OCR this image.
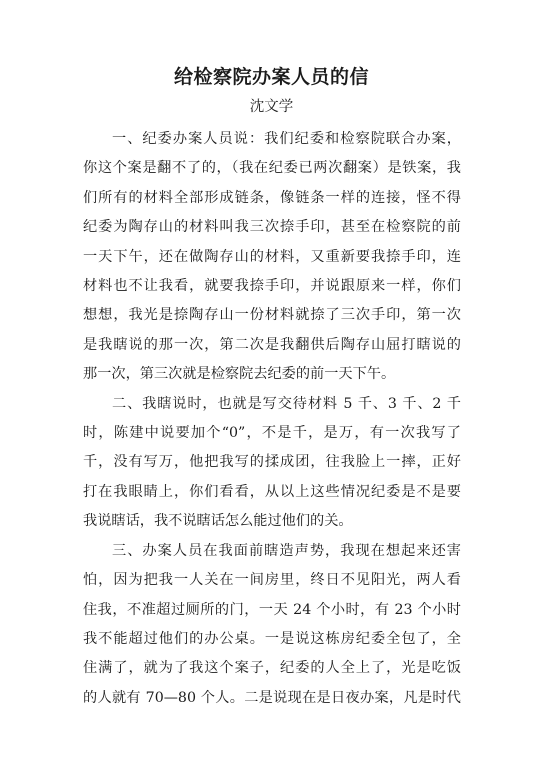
给检察院办案人员的信
沈文学

一、纪委办案人员说：我们纪委和检察院联合办案，
你这个案是翻不了的，（我在纪委已两次翻案）是铁案，我
们所有的材料全部形成链条，像链条一样的连接，怪不得
纪委为陶存山的材料叫我三次捺手印，甚至在检察院的前
一天下午，还在做陶存山的材料，又重新要我捺手印，连
材料也不让我看，就要我捺手印，并说跟原来一样，你们
想想，我光是捺陶存山一份材料就捺了三次手印，第一次
是我瞎说的那一次，第二次是我翻供后陶存山屈打瞎说的
那一次，第三次就是检察院去纪委的前一天下午。

二、我瞎说时，也就是写交待材料 5 千、3 千、2 千
时，陈建中说要加个“0”，不是千，是万，有一次我写了
千，没有写万，他把我写的揉成团，往我脸上一摔，正好
打在我眼睛上，你们看看，从以上这些情况纪委是不是要
我说瞎话，我不说瞎话怎么能过他们的关。

三、办案人员在我面前瞎造声势，我现在想起来还害
怕，因为把我一人关在一间房里，终日不见阳光，两人看
住我，不准超过厕所的门，一天 24 个小时，有 23 个小时
我不能超过他们的办公桌。一是说这栋房纪委全包了，全
住满了，就为了我这个案子，纪委的人全上了，光是吃饭
的人就有 70—80 个人。二是说现在是日夜办案，凡是时代
